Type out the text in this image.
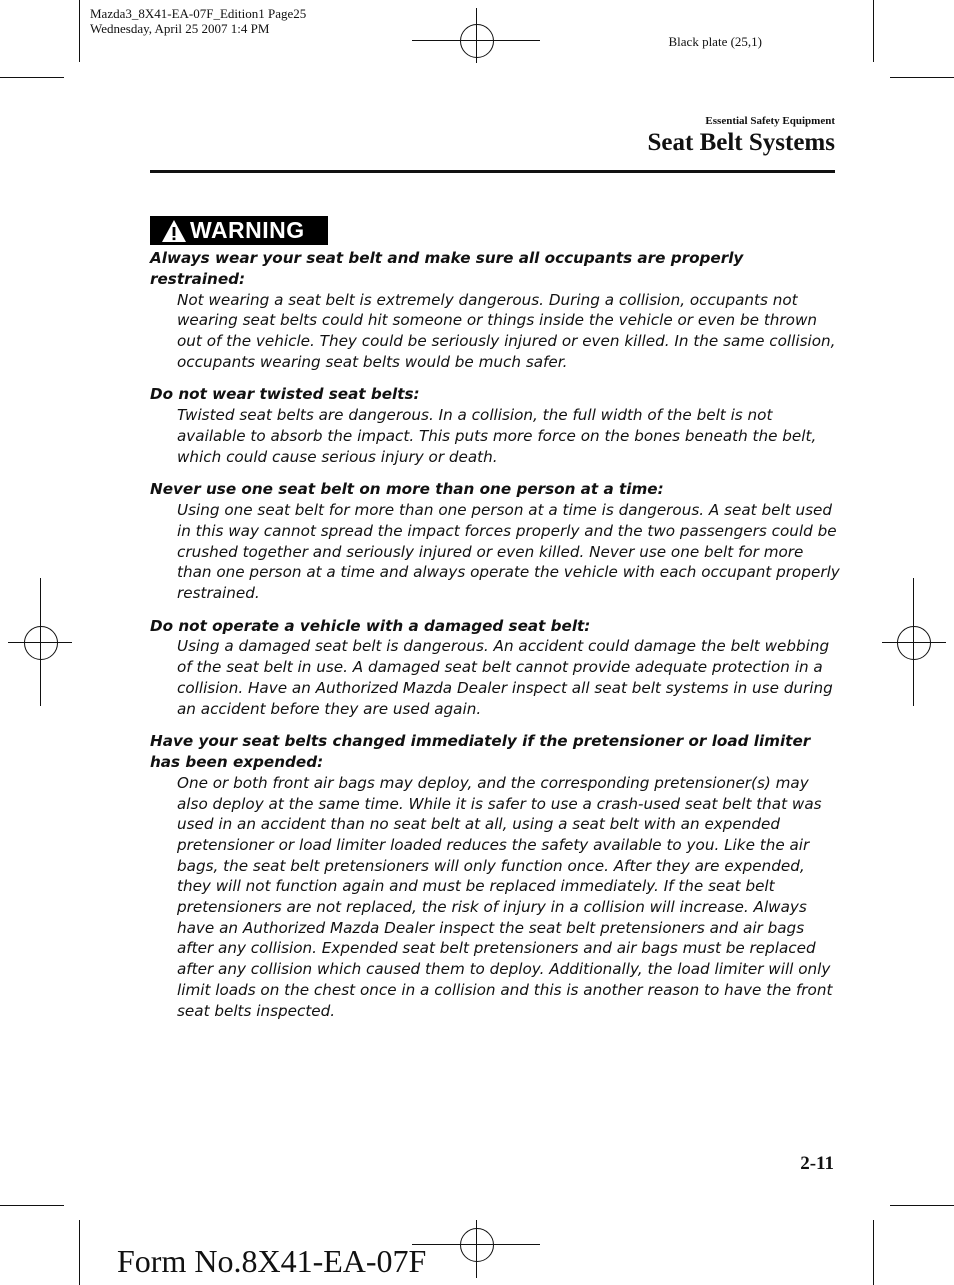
Mazda3_8X41-EA-07F_Edition1 Page25
Wednesday, April 25 2007 1:4 PM
Black plate (25,1)
Essential Safety Equipment
Seat Belt Systems
WARNING
Always wear your seat belt and make sure all occupants are properly restrained:

Not wearing a seat belt is extremely dangerous. During a collision, occupants not wearing seat belts could hit someone or things inside the vehicle or even be thrown out of the vehicle. They could be seriously injured or even killed. In the same collision, occupants wearing seat belts would be much safer.

Do not wear twisted seat belts:

Twisted seat belts are dangerous. In a collision, the full width of the belt is not available to absorb the impact. This puts more force on the bones beneath the belt, which could cause serious injury or death.

Never use one seat belt on more than one person at a time:

Using one seat belt for more than one person at a time is dangerous. A seat belt used in this way cannot spread the impact forces properly and the two passengers could be crushed together and seriously injured or even killed. Never use one belt for more than one person at a time and always operate the vehicle with each occupant properly restrained.

Do not operate a vehicle with a damaged seat belt:

Using a damaged seat belt is dangerous. An accident could damage the belt webbing of the seat belt in use. A damaged seat belt cannot provide adequate protection in a collision. Have an Authorized Mazda Dealer inspect all seat belt systems in use during an accident before they are used again.

Have your seat belts changed immediately if the pretensioner or load limiter has been expended:

One or both front air bags may deploy, and the corresponding pretensioner(s) may also deploy at the same time. While it is safer to use a crash-used seat belt that was used in an accident than no seat belt at all, using a seat belt with an expended pretensioner or load limiter loaded reduces the safety available to you. Like the air bags, the seat belt pretensioners will only function once. After they are expended, they will not function again and must be replaced immediately. If the seat belt pretensioners are not replaced, the risk of injury in a collision will increase. Always have an Authorized Mazda Dealer inspect the seat belt pretensioners and air bags after any collision. Expended seat belt pretensioners and air bags must be replaced after any collision which caused them to deploy. Additionally, the load limiter will only limit loads on the chest once in a collision and this is another reason to have the front seat belts inspected.

2-11
Form No.8X41-EA-07F
